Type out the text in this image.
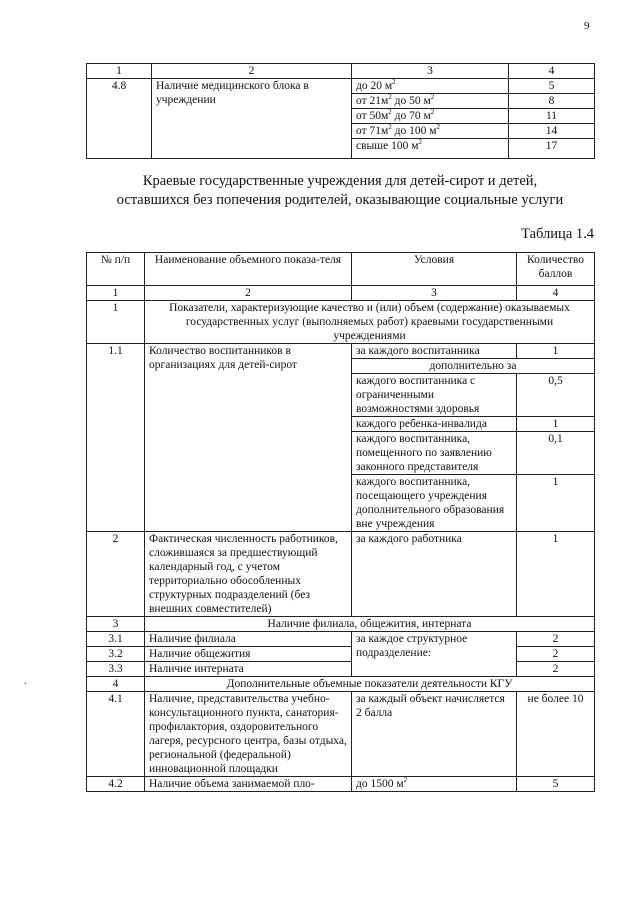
9
.
1	2	3	4
4.8	Наличие медицинского блока в учреждении	до 20 $м^2$	5
		от $21м^2$ до 50 $м^2$	8
		от $50м^2$ до 70 $м^2$	11
		от $71м^2$ до 100 $м^2$	14
		свыше 100 $м^2$	17
Краевые государственные учреждения для детей-сирот и детей,
оставшихся без попечения родителей, оказывающие социальные услуги
Таблица 1.4
№ п/п	Наименование объемного показа-теля	Условия	Количество баллов
1	2	3	4
1	Показатели, характеризующие качество и (или) объем (содержание) оказываемых государственных услуг (выполняемых работ) краевыми государственными учреждениями		
1.1	Количество воспитанников в организациях для детей-сирот	за каждого воспитанника	1
		дополнительно за	
		каждого воспитанника с ограниченными возможностями здоровья	0,5
		каждого ребенка-инвалида	1
		каждого воспитанника, помещенного по заявлению законного представителя	0,1
		каждого воспитанника, посещающего учреждения дополнительного образования вне учреждения	1
2	Фактическая численность работников, сложившаяся за предшествующий календарный год, с учетом территориально обособленных структурных подразделений (без внешних совместителей)	за каждого работника	1
3	Наличие филиала, общежития, интерната		
3.1	Наличие филиала	за каждое структурное подразделение:	2
3.2	Наличие общежития		2
3.3	Наличие интерната		2
4	Дополнительные объемные показатели деятельности КГУ		
4.1	Наличие, представительства учебно-консультационного пункта, санатория-профилактория, оздоровительного лагеря, ресурсного центра, базы отдыха, региональной (федеральной) инновационной площадки	за каждый объект начисляется 2 балла	не более 10
4.2	Наличие объема занимаемой пло-	до 1500 $м^2$	5
